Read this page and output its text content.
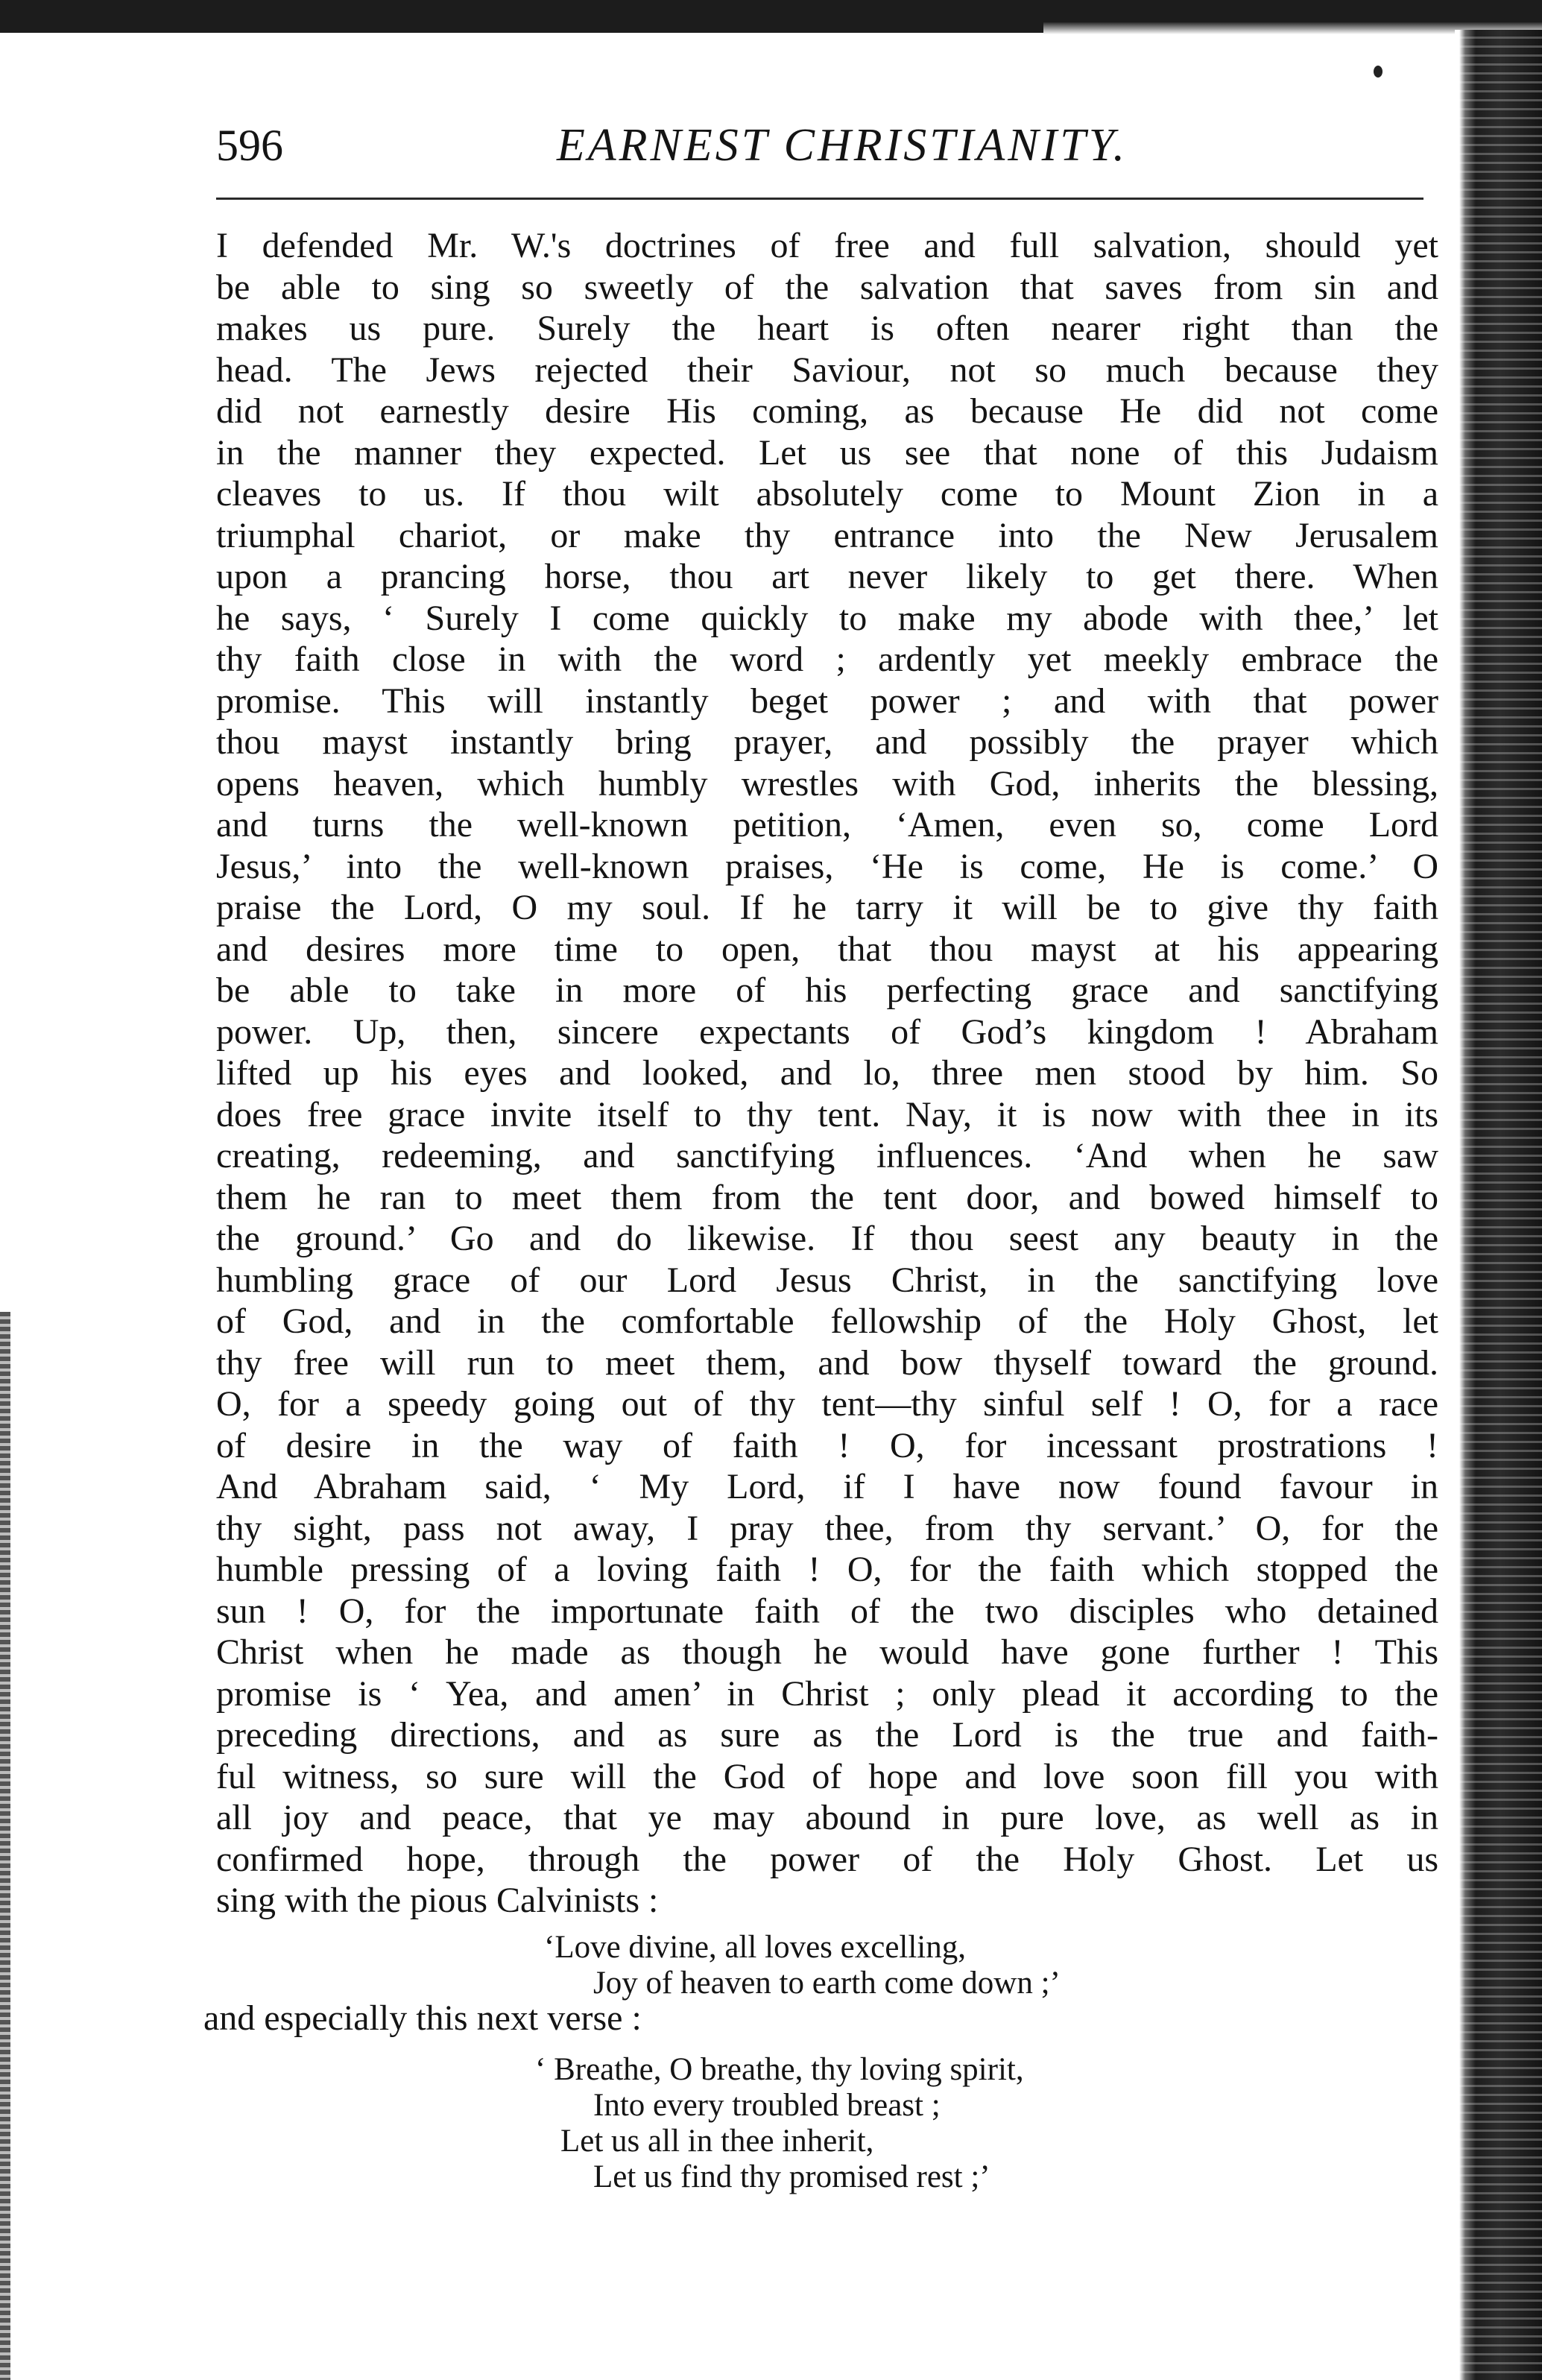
596	EARNEST CHRISTIANITY.
I defended Mr. W.'s doctrines of free and full salvation, should yet
be able to sing so sweetly of the salvation that saves from sin and
makes us pure. Surely the heart is often nearer right than the
head. The Jews rejected their Saviour, not so much because they
did not earnestly desire His coming, as because He did not come
in the manner they expected. Let us see that none of this Judaism
cleaves to us. If thou wilt absolutely come to Mount Zion in a
triumphal chariot, or make thy entrance into the New Jerusalem
upon a prancing horse, thou art never likely to get there. When
he says, ‘ Surely I come quickly to make my abode with thee,’ let
thy faith close in with the word ; ardently yet meekly embrace the
promise. This will instantly beget power ; and with that power
thou mayst instantly bring prayer, and possibly the prayer which
opens heaven, which humbly wrestles with God, inherits the blessing,
and turns the well-known petition, ‘Amen, even so, come Lord
Jesus,’ into the well-known praises, ‘He is come, He is come.’ O
praise the Lord, O my soul. If he tarry it will be to give thy faith
and desires more time to open, that thou mayst at his appearing
be able to take in more of his perfecting grace and sanctifying
power. Up, then, sincere expectants of God’s kingdom ! Abraham
lifted up his eyes and looked, and lo, three men stood by him. So
does free grace invite itself to thy tent. Nay, it is now with thee in its
creating, redeeming, and sanctifying influences. ‘And when he saw
them he ran to meet them from the tent door, and bowed himself to
the ground.’ Go and do likewise. If thou seest any beauty in the
humbling grace of our Lord Jesus Christ, in the sanctifying love
of God, and in the comfortable fellowship of the Holy Ghost, let
thy free will run to meet them, and bow thyself toward the ground.
O, for a speedy going out of thy tent—thy sinful self ! O, for a race
of desire in the way of faith ! O, for incessant prostrations !
And Abraham said, ‘ My Lord, if I have now found favour in
thy sight, pass not away, I pray thee, from thy servant.’ O, for the
humble pressing of a loving faith ! O, for the faith which stopped the
sun ! O, for the importunate faith of the two disciples who detained
Christ when he made as though he would have gone further ! This
promise is ‘ Yea, and amen’ in Christ ; only plead it according to the
preceding directions, and as sure as the Lord is the true and faith-
ful witness, so sure will the God of hope and love soon fill you with
all joy and peace, that ye may abound in pure love, as well as in
confirmed hope, through the power of the Holy Ghost. Let us
sing with the pious Calvinists :
‘Love divine, all loves excelling,
Joy of heaven to earth come down ;’
and especially this next verse :
‘ Breathe, O breathe, thy loving spirit,
Into every troubled breast ;
Let us all in thee inherit,
Let us find thy promised rest ;’
